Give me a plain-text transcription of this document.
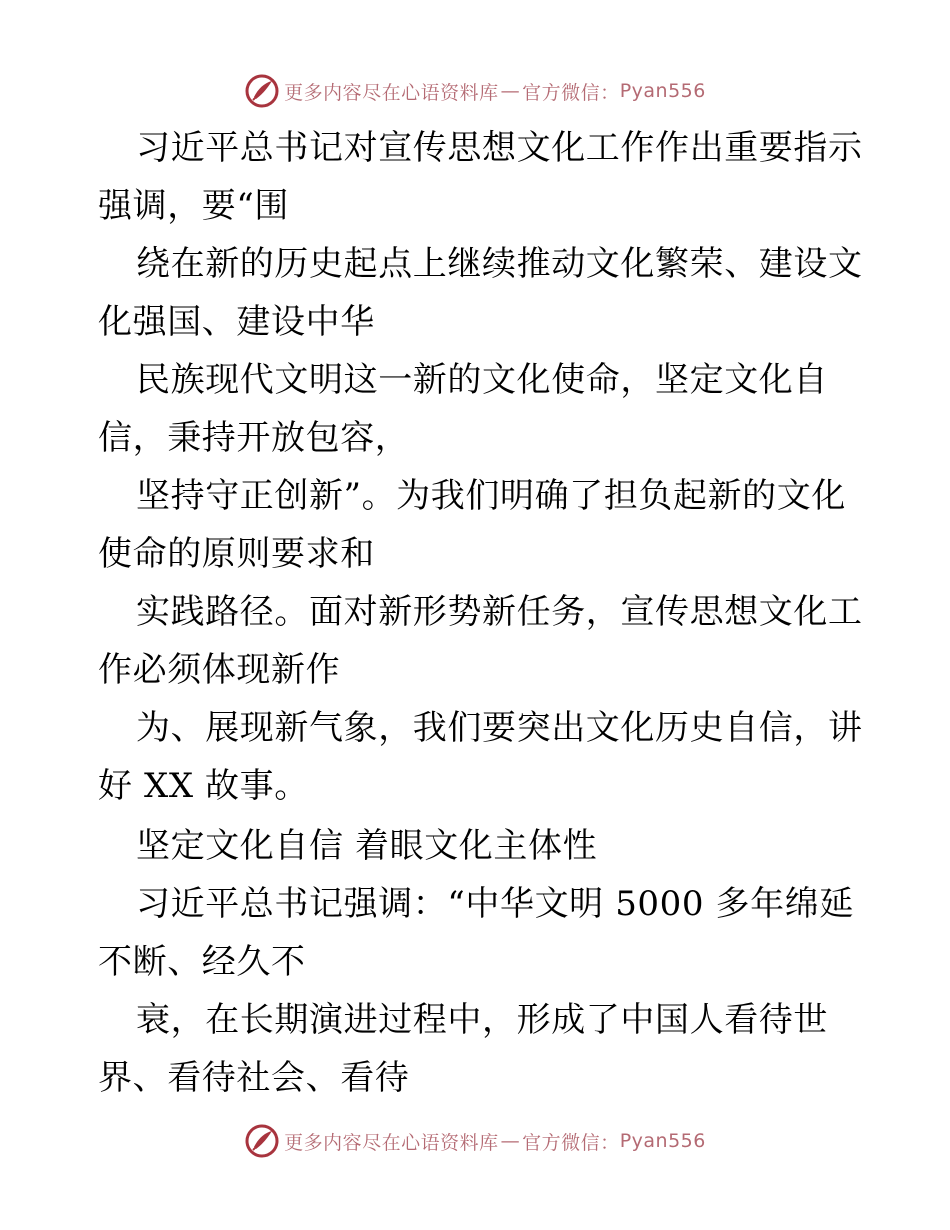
更多内容尽在心语资料库 — 官方微信： Pyan556
习近平总书记对宣传思想文化工作作出重要指示
强调，要“围
绕在新的历史起点上继续推动文化繁荣、建设文
化强国、建设中华
民族现代文明这一新的文化使命，坚定文化自
信，秉持开放包容，
坚持守正创新”。为我们明确了担负起新的文化
使命的原则要求和
实践路径。面对新形势新任务，宣传思想文化工
作必须体现新作
为、展现新气象，我们要突出文化历史自信，讲
好 XX 故事。
坚定文化自信 着眼文化主体性
习近平总书记强调：“中华文明 5000 多年绵延
不断、经久不
衰，在长期演进过程中，形成了中国人看待世
界、看待社会、看待
更多内容尽在心语资料库 — 官方微信： Pyan556
